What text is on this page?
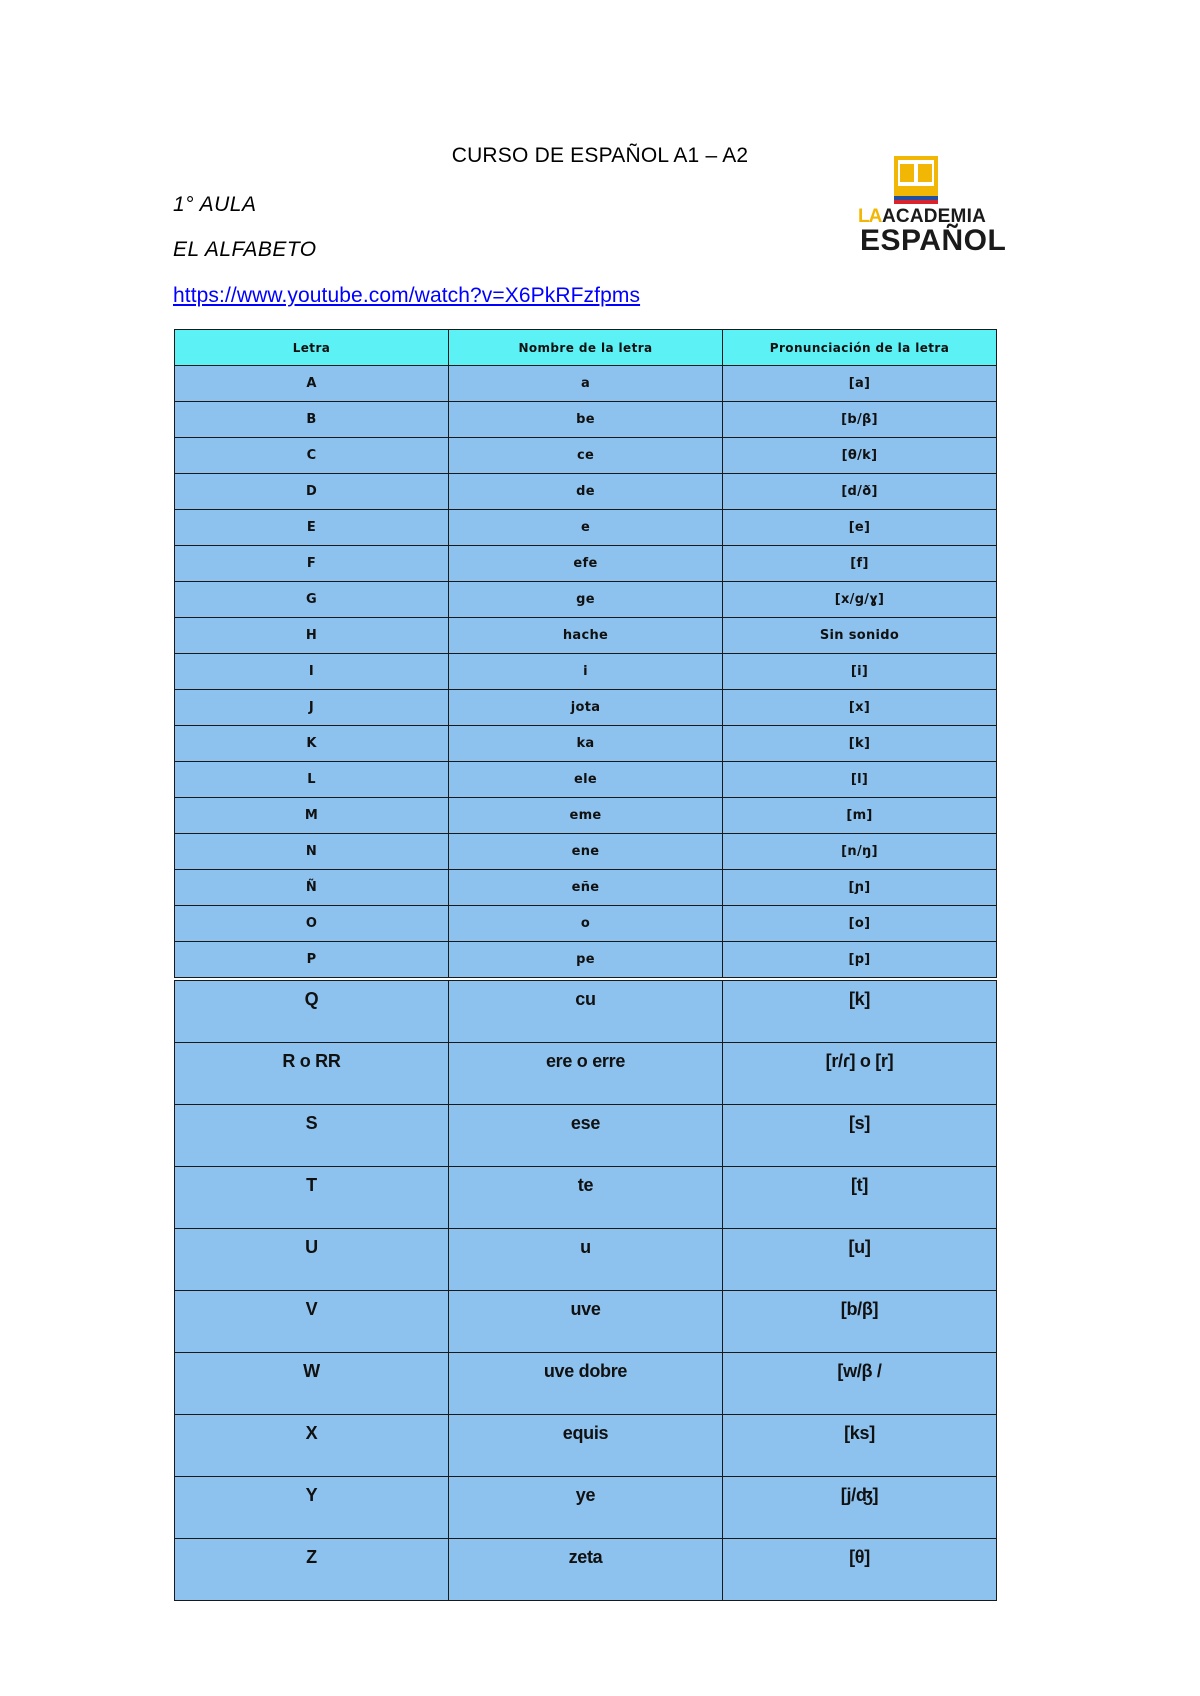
CURSO DE ESPAÑOL A1 – A2
1° AULA
EL ALFABETO
https://www.youtube.com/watch?v=X6PkRFzfpms
LA ACADEMIA
ESPAÑOL
Letra	Nombre de la letra	Pronunciación de la letra
A	a	[a]
B	be	[b/β]
C	ce	[θ/k]
D	de	[d/ð]
E	e	[e]
F	efe	[f]
G	ge	[x/g/ɣ]
H	hache	Sin sonido
I	i	[i]
J	jota	[x]
K	ka	[k]
L	ele	[l]
M	eme	[m]
N	ene	[n/ŋ]
Ñ	eñe	[ɲ]
O	o	[o]
P	pe	[p]

Q	cu	[k]
R o RR	ere o erre	[r/ɾ] o [r]
S	ese	[s]
T	te	[t]
U	u	[u]
V	uve	[b/β]
W	uve dobre	[w/β /
X	equis	[ks]
Y	ye	[j/ʤ]
Z	zeta	[θ]
